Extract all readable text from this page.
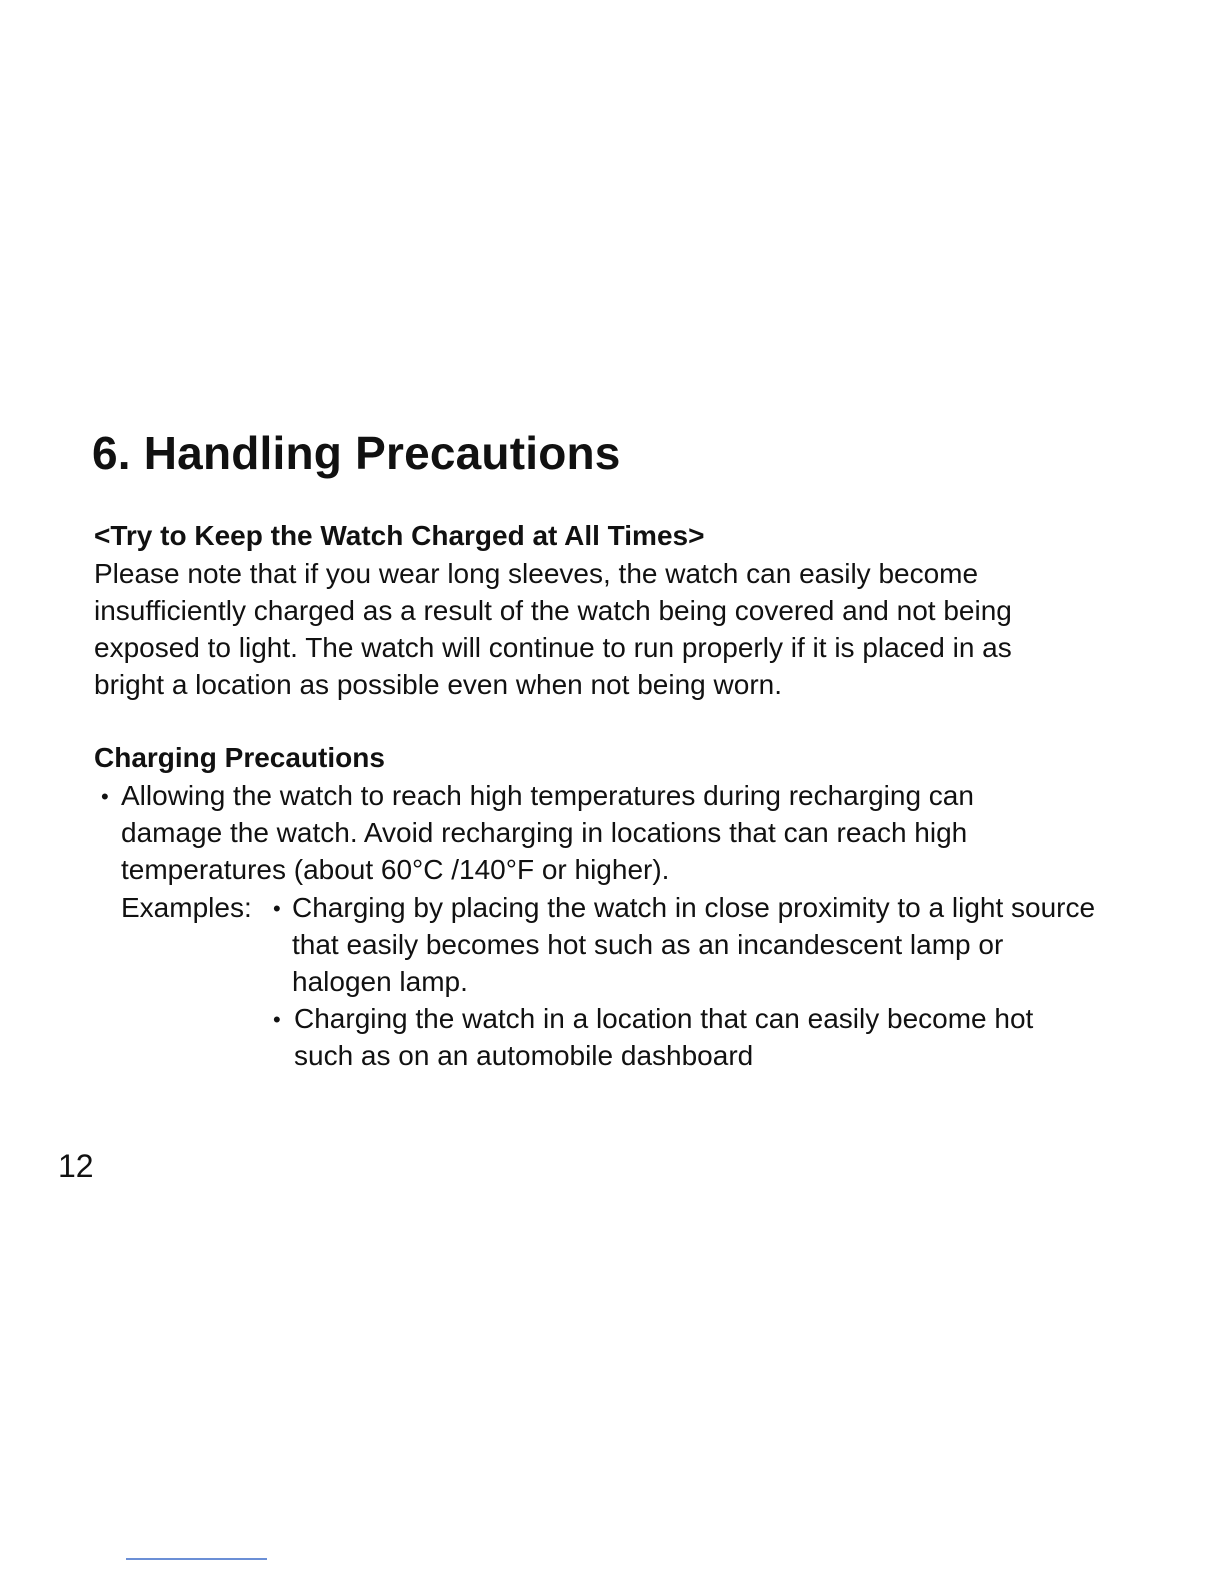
6. Handling Precautions
<Try to Keep the Watch Charged at All Times>

Please note that if you wear long sleeves, the watch can easily become

insufficiently charged as a result of the watch being covered and not being

exposed to light. The watch will continue to run properly if it is placed in as

bright a location as possible even when not being worn.

Charging Precautions
• Allowing the watch to reach high temperatures during recharging can

damage the watch. Avoid recharging in locations that can reach high

temperatures (about 60°C /140°F or higher).

Examples: • Charging by placing the watch in close proximity to a light source

that easily becomes hot such as an incandescent lamp or

halogen lamp.

• Charging the watch in a location that can easily become hot

such as on an automobile dashboard

12
